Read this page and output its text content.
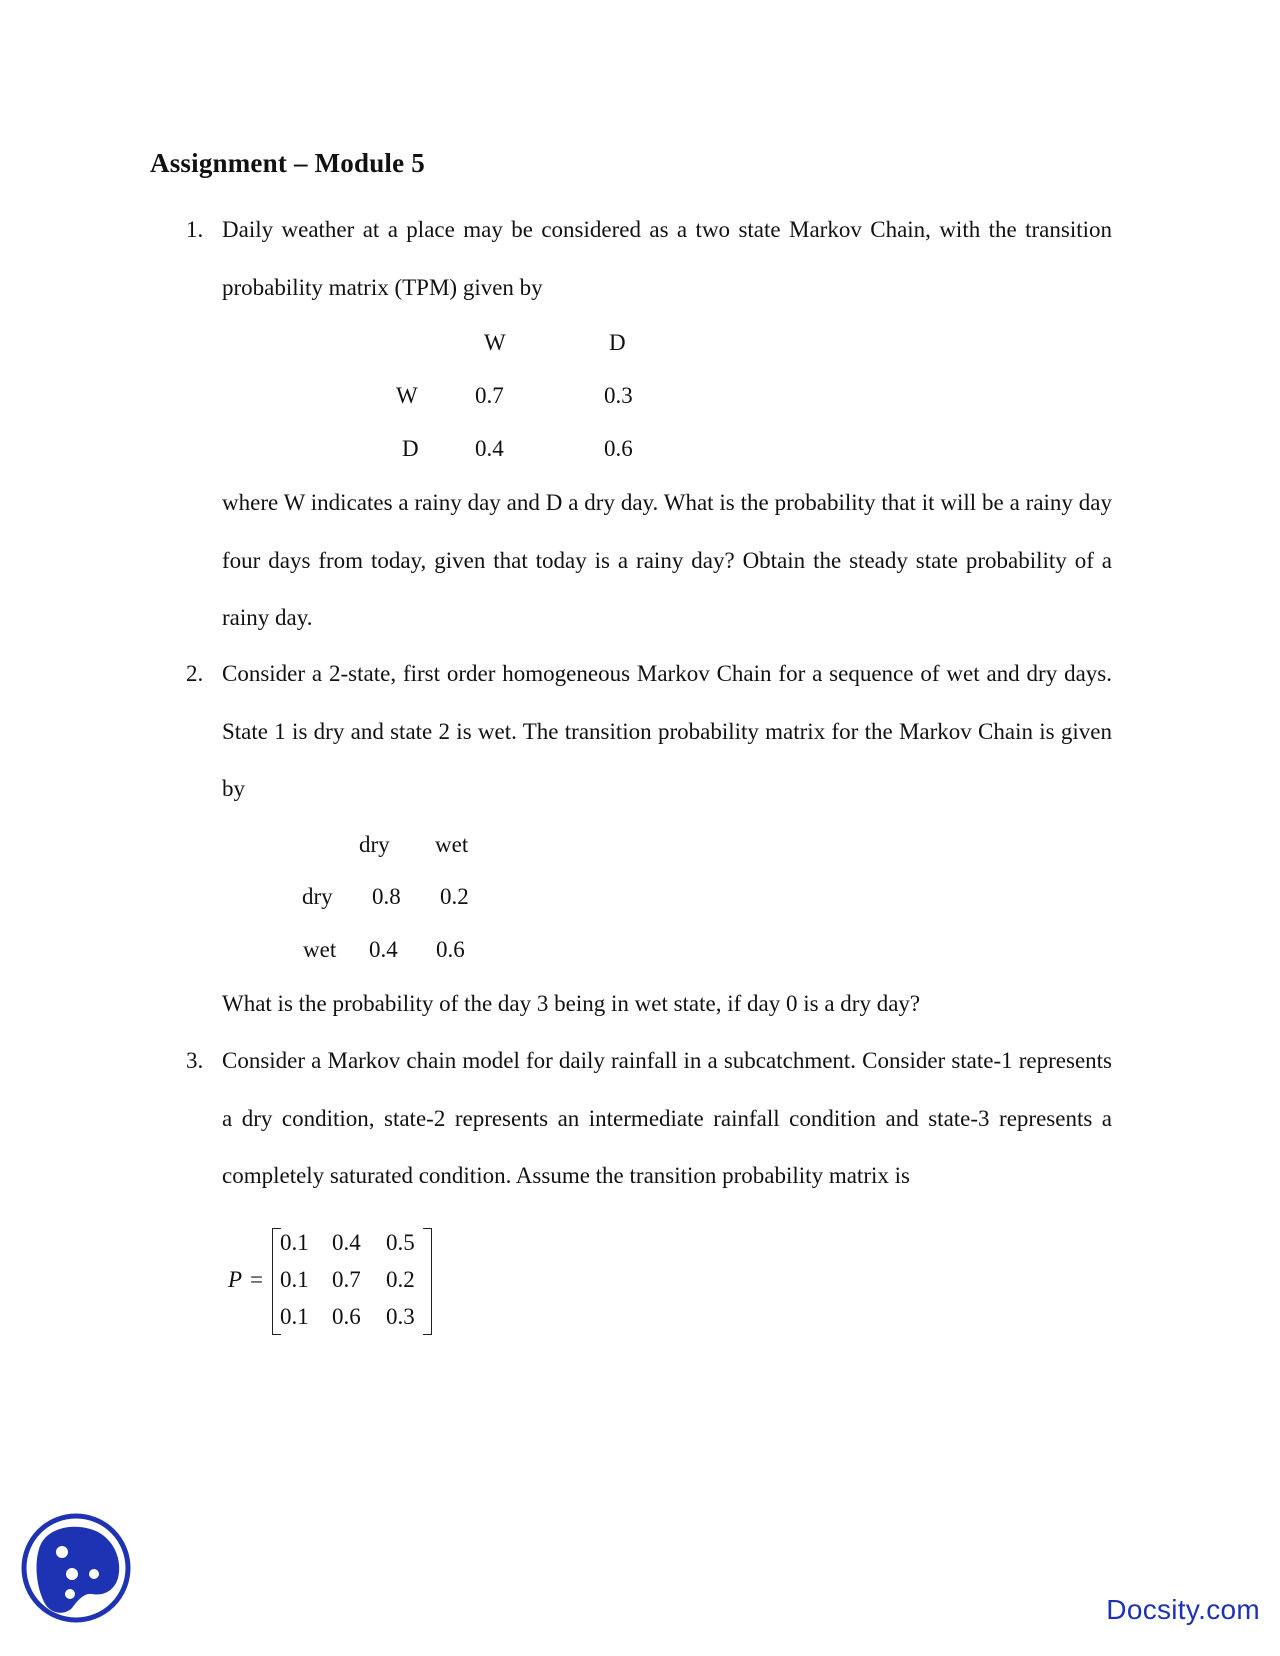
Assignment – Module 5
1. Daily weather at a place may be considered as a two state Markov Chain, with the transition probability matrix (TPM) given by
W	D
W 0.7	0.3
D 0.4	0.6
where W indicates a rainy day and D a dry day. What is the probability that it will be a rainy day four days from today, given that today is a rainy day? Obtain the steady state probability of a rainy day.
2. Consider a 2-state, first order homogeneous Markov Chain for a sequence of wet and dry days. State 1 is dry and state 2 is wet. The transition probability matrix for the Markov Chain is given by
dry wet
dry 0.8 0.2
wet 0.4 0.6
What is the probability of the day 3 being in wet state, if day 0 is a dry day?
3. Consider a Markov chain model for daily rainfall in a subcatchment. Consider state-1 represents a dry condition, state-2 represents an intermediate rainfall condition and state-3 represents a completely saturated condition. Assume the transition probability matrix is
P =
0.1 0.4 0.5
0.1 0.7 0.2
0.1 0.6 0.3
Docsity.com
